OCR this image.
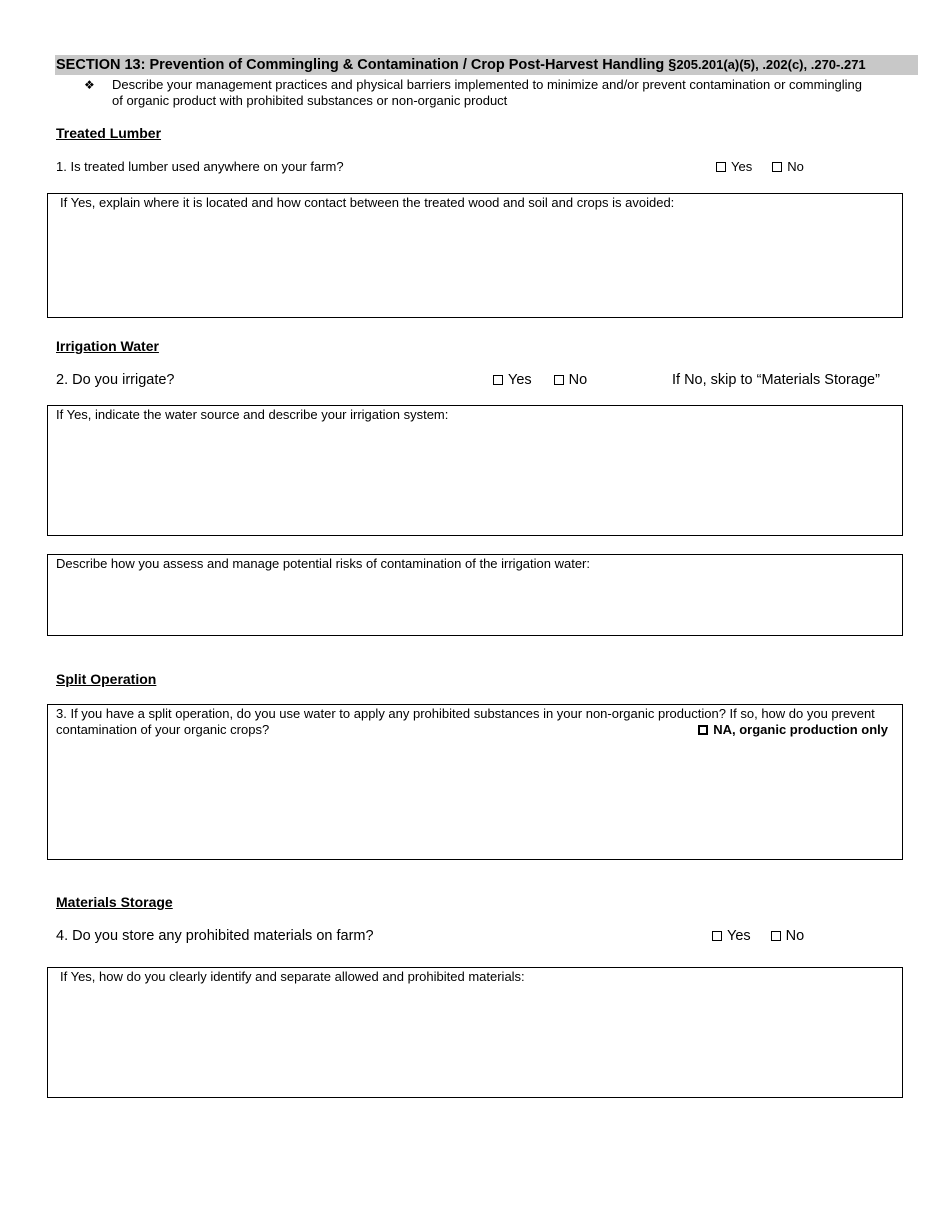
SECTION 13: Prevention of Commingling & Contamination / Crop Post-Harvest Handling §205.201(a)(5), .202(c), .270-.271
❖ Describe your management practices and physical barriers implemented to minimize and/or prevent contamination or commingling of organic product with prohibited substances or non-organic product
Treated Lumber
1. Is treated lumber used anywhere on your farm?	Yes	No
If Yes, explain where it is located and how contact between the treated wood and soil and crops is avoided:
Irrigation Water
2. Do you irrigate?	Yes	No	If No, skip to “Materials Storage”
If Yes, indicate the water source and describe your irrigation system:
Describe how you assess and manage potential risks of contamination of the irrigation water:
Split Operation
3. If you have a split operation, do you use water to apply any prohibited substances in your non-organic production? If so, how do you prevent contamination of your organic crops?	NA, organic production only
Materials Storage
4. Do you store any prohibited materials on farm?	Yes No
If Yes, how do you clearly identify and separate allowed and prohibited materials:
